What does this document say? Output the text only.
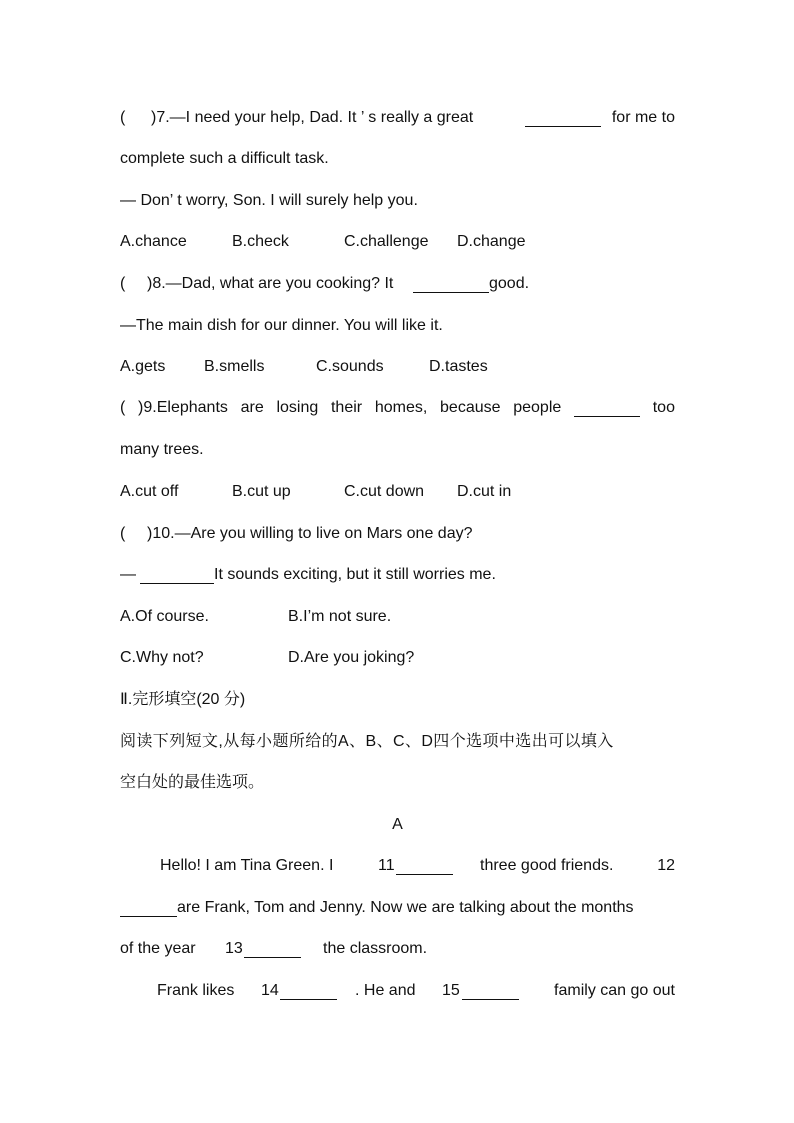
( )7.—I need your help, Dad. It ’ s really a great	for me to
complete such a difficult task.
— Don’ t worry, Son. I will surely help you.
A.chance	B.check	C.challenge D.change
( )8.—Dad, what are you cooking? It	good.
—The main dish for our dinner. You will like it.
A.gets B.smells	C.sounds	D.tastes
( )9.Elephants are losing their homes, because people	too
many trees.
A.cut off	B.cut up	C.cut down D.cut in
( )10.—Are you willing to live on Mars one day?
—	It sounds exciting, but it still worries me.
A.Of course.	B.I’m not sure.
C.Why not?	D.Are you joking?
Ⅱ.完形填空(20 分)
阅读下列短文,从每小题所给的A、B、C、D四个选项中选出可以填入
空白处的最佳选项。
A
Hello! I am Tina Green. I	11	three good friends.	12
are Frank, Tom and Jenny. Now we are talking about the months
of the year 13	the classroom.
Frank likes 14	. He and 15	family can go out
